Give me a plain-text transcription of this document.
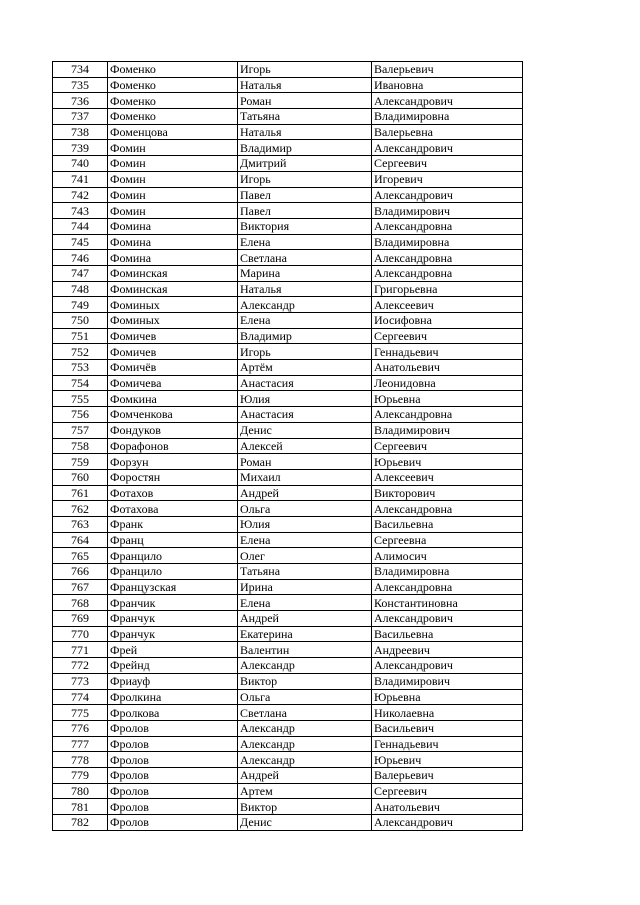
734	Фоменко	Игорь	Валерьевич
735	Фоменко	Наталья	Ивановна
736	Фоменко	Роман	Александрович
737	Фоменко	Татьяна	Владимировна
738	Фоменцова	Наталья	Валерьевна
739	Фомин	Владимир	Александрович
740	Фомин	Дмитрий	Сергеевич
741	Фомин	Игорь	Игоревич
742	Фомин	Павел	Александрович
743	Фомин	Павел	Владимирович
744	Фомина	Виктория	Александровна
745	Фомина	Елена	Владимировна
746	Фомина	Светлана	Александровна
747	Фоминская	Марина	Александровна
748	Фоминская	Наталья	Григорьевна
749	Фоминых	Александр	Алексеевич
750	Фоминых	Елена	Иосифовна
751	Фомичев	Владимир	Сергеевич
752	Фомичев	Игорь	Геннадьевич
753	Фомичёв	Артём	Анатольевич
754	Фомичева	Анастасия	Леонидовна
755	Фомкина	Юлия	Юрьевна
756	Фомченкова	Анастасия	Александровна
757	Фондуков	Денис	Владимирович
758	Форафонов	Алексей	Сергеевич
759	Форзун	Роман	Юрьевич
760	Форостян	Михаил	Алексеевич
761	Фотахов	Андрей	Викторович
762	Фотахова	Ольга	Александровна
763	Франк	Юлия	Васильевна
764	Франц	Елена	Сергеевна
765	Францило	Олег	Алимосич
766	Францило	Татьяна	Владимировна
767	Французская	Ирина	Александровна
768	Франчик	Елена	Константиновна
769	Франчук	Андрей	Александрович
770	Франчук	Екатерина	Васильевна
771	Фрей	Валентин	Андреевич
772	Фрейнд	Александр	Александрович
773	Фриауф	Виктор	Владимирович
774	Фролкина	Ольга	Юрьевна
775	Фролкова	Светлана	Николаевна
776	Фролов	Александр	Васильевич
777	Фролов	Александр	Геннадьевич
778	Фролов	Александр	Юрьевич
779	Фролов	Андрей	Валерьевич
780	Фролов	Артем	Сергеевич
781	Фролов	Виктор	Анатольевич
782	Фролов	Денис	Александрович
